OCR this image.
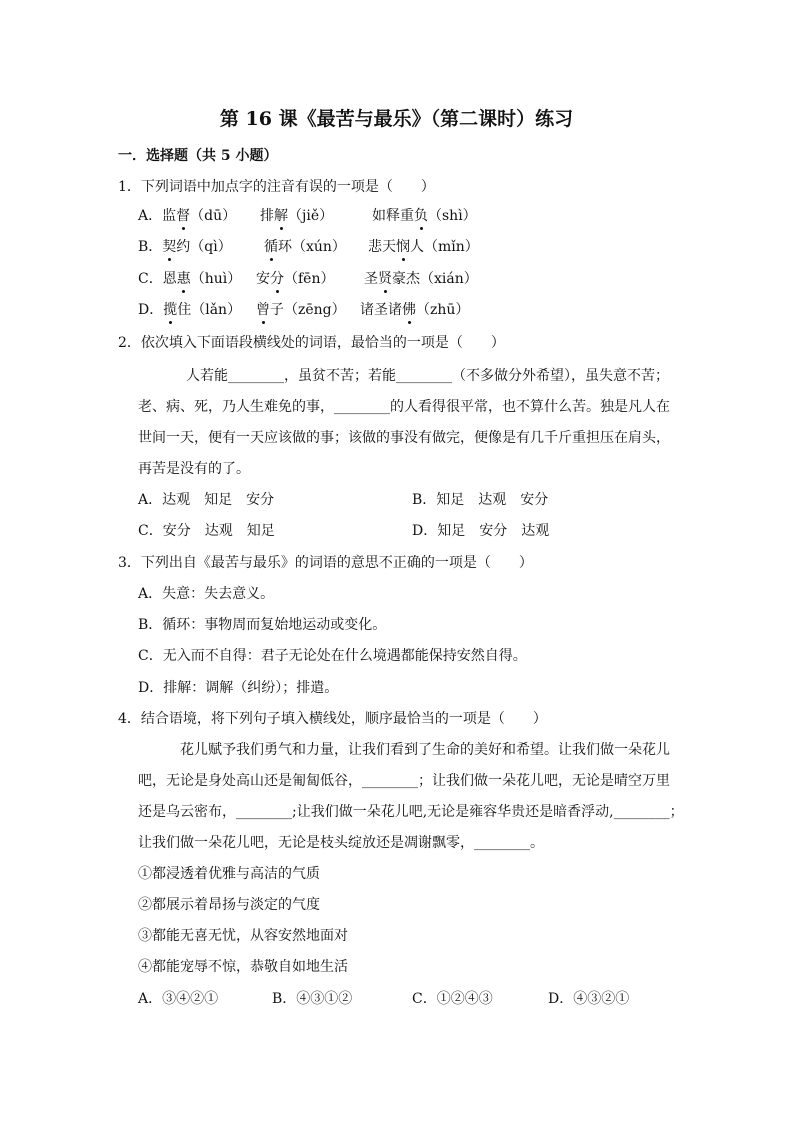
第 16 课《最苦与最乐》（第二课时）练习
一．选择题（共 5 小题）
1．下列词语中加点字的注音有误的一项是（　　）
A．监督（dū） 排解（jiě）	如释重负（shì）
B．契约（qì） 循环（xún） 悲天悯人（mǐn）
C．恩惠（huì） 安分（fēn） 圣贤豪杰（xián）
D．揽住（lǎn） 曾子（zēng） 诸圣诸佛（zhū）
2．依次填入下面语段横线处的词语，最恰当的一项是（　　）
人若能________，虽贫不苦；若能________（不多做分外希望），虽失意不苦；
老、病、死，乃人生难免的事，________的人看得很平常，也不算什么苦。独是凡人在
世间一天，便有一天应该做的事；该做的事没有做完，便像是有几千斤重担压在肩头，
再苦是没有的了。
A．达观　知足　安分	B．知足　达观　安分
C．安分　达观　知足	D．知足　安分　达观
3．下列出自《最苦与最乐》的词语的意思不正确的一项是（　　）
A．失意：失去意义。
B．循环：事物周而复始地运动或变化。
C．无入而不自得：君子无论处在什么境遇都能保持安然自得。
D．排解：调解（纠纷）；排遣。
4．结合语境，将下列句子填入横线处，顺序最恰当的一项是（　　）
花儿赋予我们勇气和力量，让我们看到了生命的美好和希望。让我们做一朵花儿
吧，无论是身处高山还是匍匐低谷，________；让我们做一朵花儿吧，无论是晴空万里
还是乌云密布，________;让我们做一朵花儿吧,无论是雍容华贵还是暗香浮动,________；
让我们做一朵花儿吧，无论是枝头绽放还是凋谢飘零，________。
①都浸透着优雅与高洁的气质
②都展示着昂扬与淡定的气度
③都能无喜无忧，从容安然地面对
④都能宠辱不惊，恭敬自如地生活
A．③④②①	B．④③①②	C．①②④③	D．④③②①
